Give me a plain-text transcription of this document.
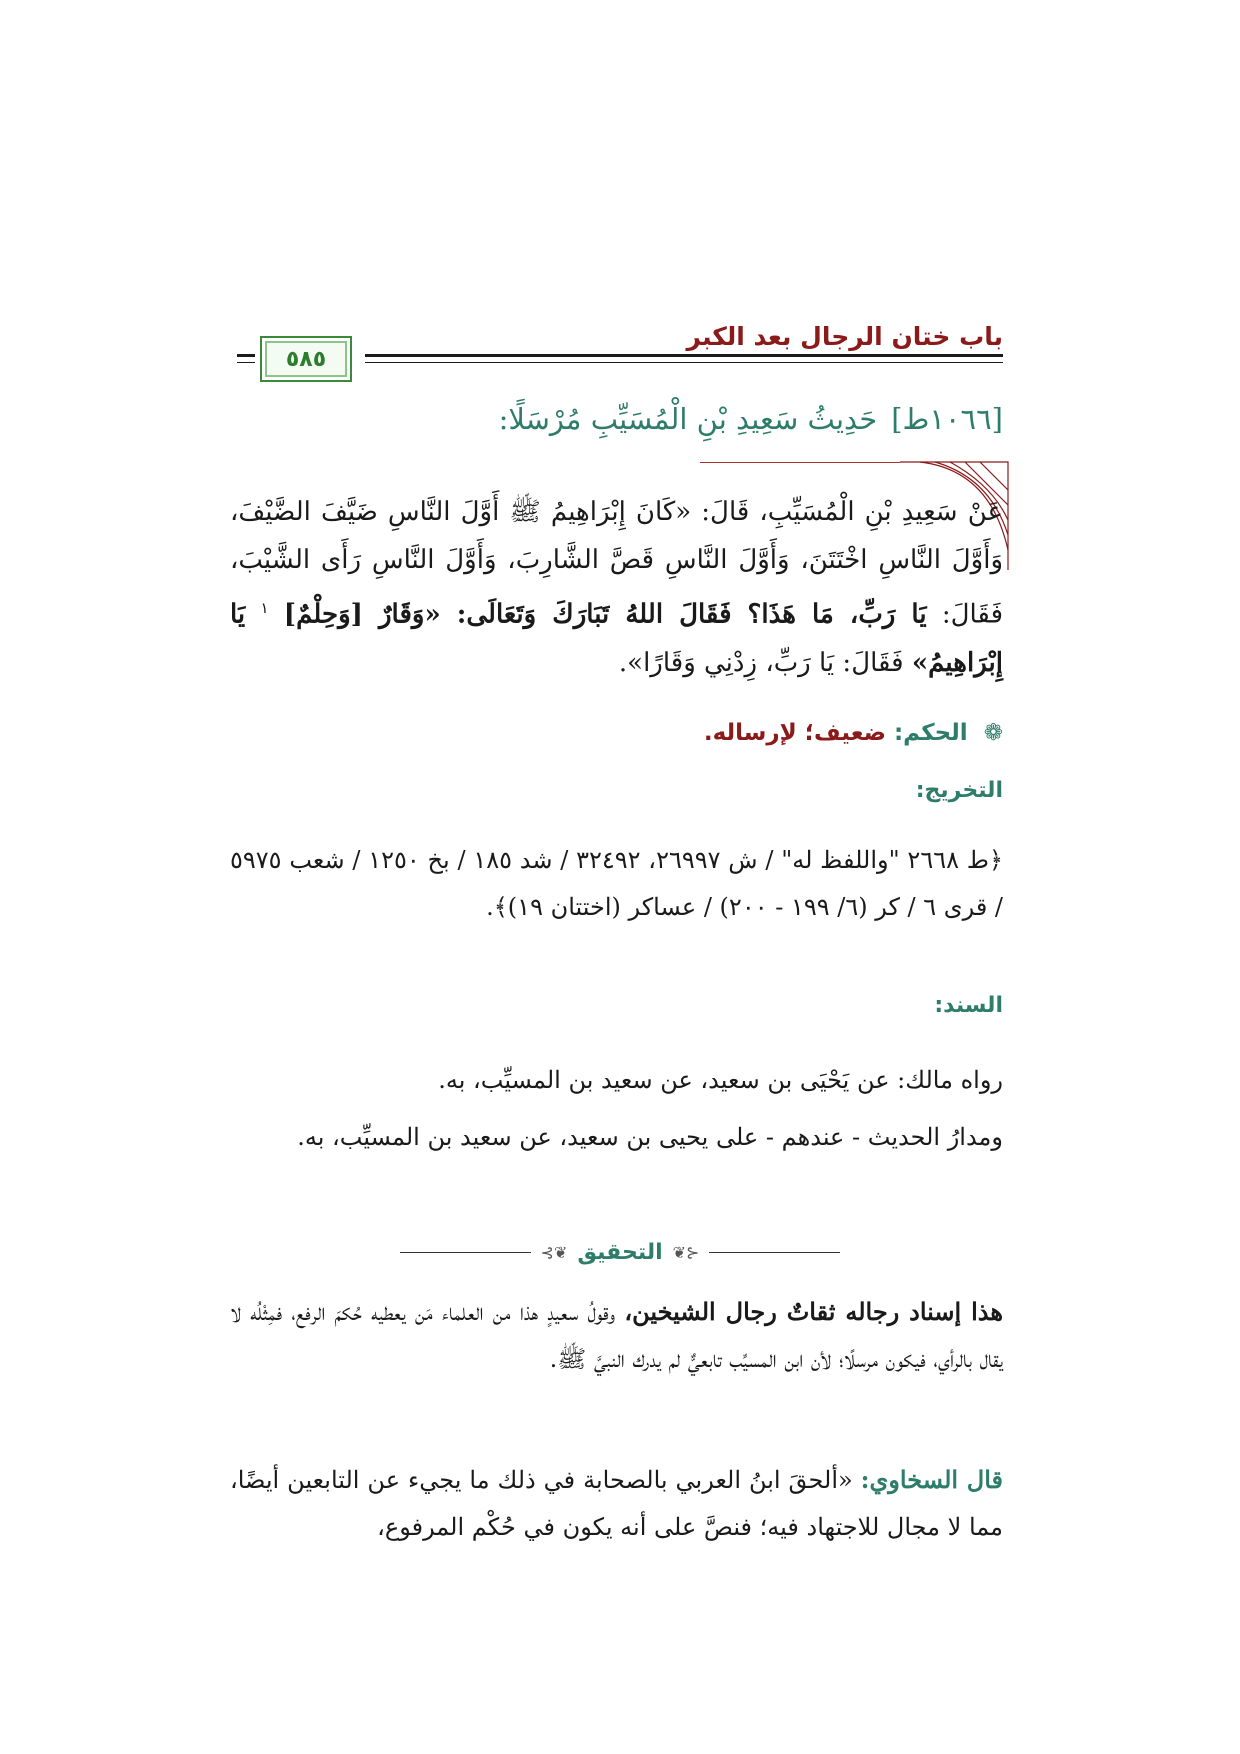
باب ختان الرجال بعد الكبر
٥٨٥
[١٠٦٦ط]حَدِيثُ سَعِيدِ بْنِ الْمُسَيِّبِ مُرْسَلًا:
عَنْ سَعِيدِ بْنِ الْمُسَيِّبِ، قَالَ: «كَانَ إِبْرَاهِيمُ ﷺ أَوَّلَ النَّاسِ ضَيَّفَ الضَّيْفَ، وَأَوَّلَ النَّاسِ اخْتَتَنَ، وَأَوَّلَ النَّاسِ قَصَّ الشَّارِبَ، وَأَوَّلَ النَّاسِ رَأَى الشَّيْبَ، فَقَالَ: يَا رَبِّ، مَا هَذَا؟ فَقَالَ اللهُ تَبَارَكَ وَتَعَالَى: «وَقَارٌ [وَحِلْمٌ] $^١$ يَا إِبْرَاهِيمُ» فَقَالَ: يَا رَبِّ، زِدْنِي وَقَارًا».
❁ الحكم: ضعيف؛ لإرساله.
التخريج:
﴿ط ٢٦٦٨ "واللفظ له" / ش ٢٦٩٩٧، ٣٢٤٩٢ / شد ١٨٥ / بخ ١٢٥٠ / شعب ٥٩٧٥ / قرى ٦ / كر (٦/ ١٩٩ - ٢٠٠) / عساكر (اختتان ١٩)﴾.
السند:
رواه مالك: عن يَحْيَى بن سعيد، عن سعيد بن المسيِّب، به.
ومدارُ الحديث - عندهم - على يحيى بن سعيد، عن سعيد بن المسيِّب، به.
⊰❦
التحقيق
❦⊱
هذا إسناد رجاله ثقاتٌ رجال الشيخين، وقولُ سعيدٍ هذا من العلماء مَن يعطيه حُكمَ الرفع، فمِثْلُه لا يقال بالرأي، فيكون مرسلًا؛ لأن ابن المسيِّب تابعيٌّ لم يدرك النبيَّ ﷺ.
قال السخاوي: «ألحقَ ابنُ العربي بالصحابة في ذلك ما يجيء عن التابعين أيضًا، مما لا مجال للاجتهاد فيه؛ فنصَّ على أنه يكون في حُكْم المرفوع،
